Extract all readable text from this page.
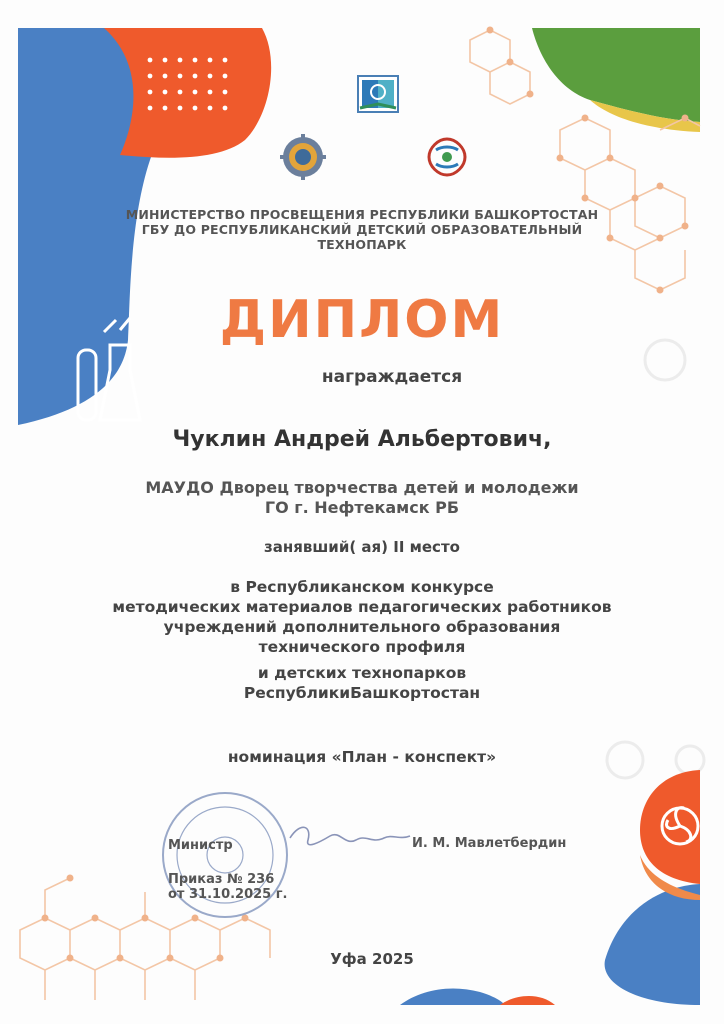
МИНИСТЕРСТВО ПРОСВЕЩЕНИЯ РЕСПУБЛИКИ БАШКОРТОСТАН
ГБУ ДО РЕСПУБЛИКАНСКИЙ ДЕТСКИЙ ОБРАЗОВАТЕЛЬНЫЙ
ТЕХНОПАРК
ДИПЛОМ
награждается
Чуклин Андрей Альбертович,
МАУДО Дворец творчества детей и молодежи
ГО г. Нефтекамск РБ
занявший( ая) II место
в Республиканском конкурсе
методических материалов педагогических работников
учреждений дополнительного образования
технического профиля
и детских технопарков
РеспубликиБашкортостан
номинация «План - конспект»
Министр	И. М. Мавлетбердин
Приказ № 236
от 31.10.2025 г.
Уфа 2025
